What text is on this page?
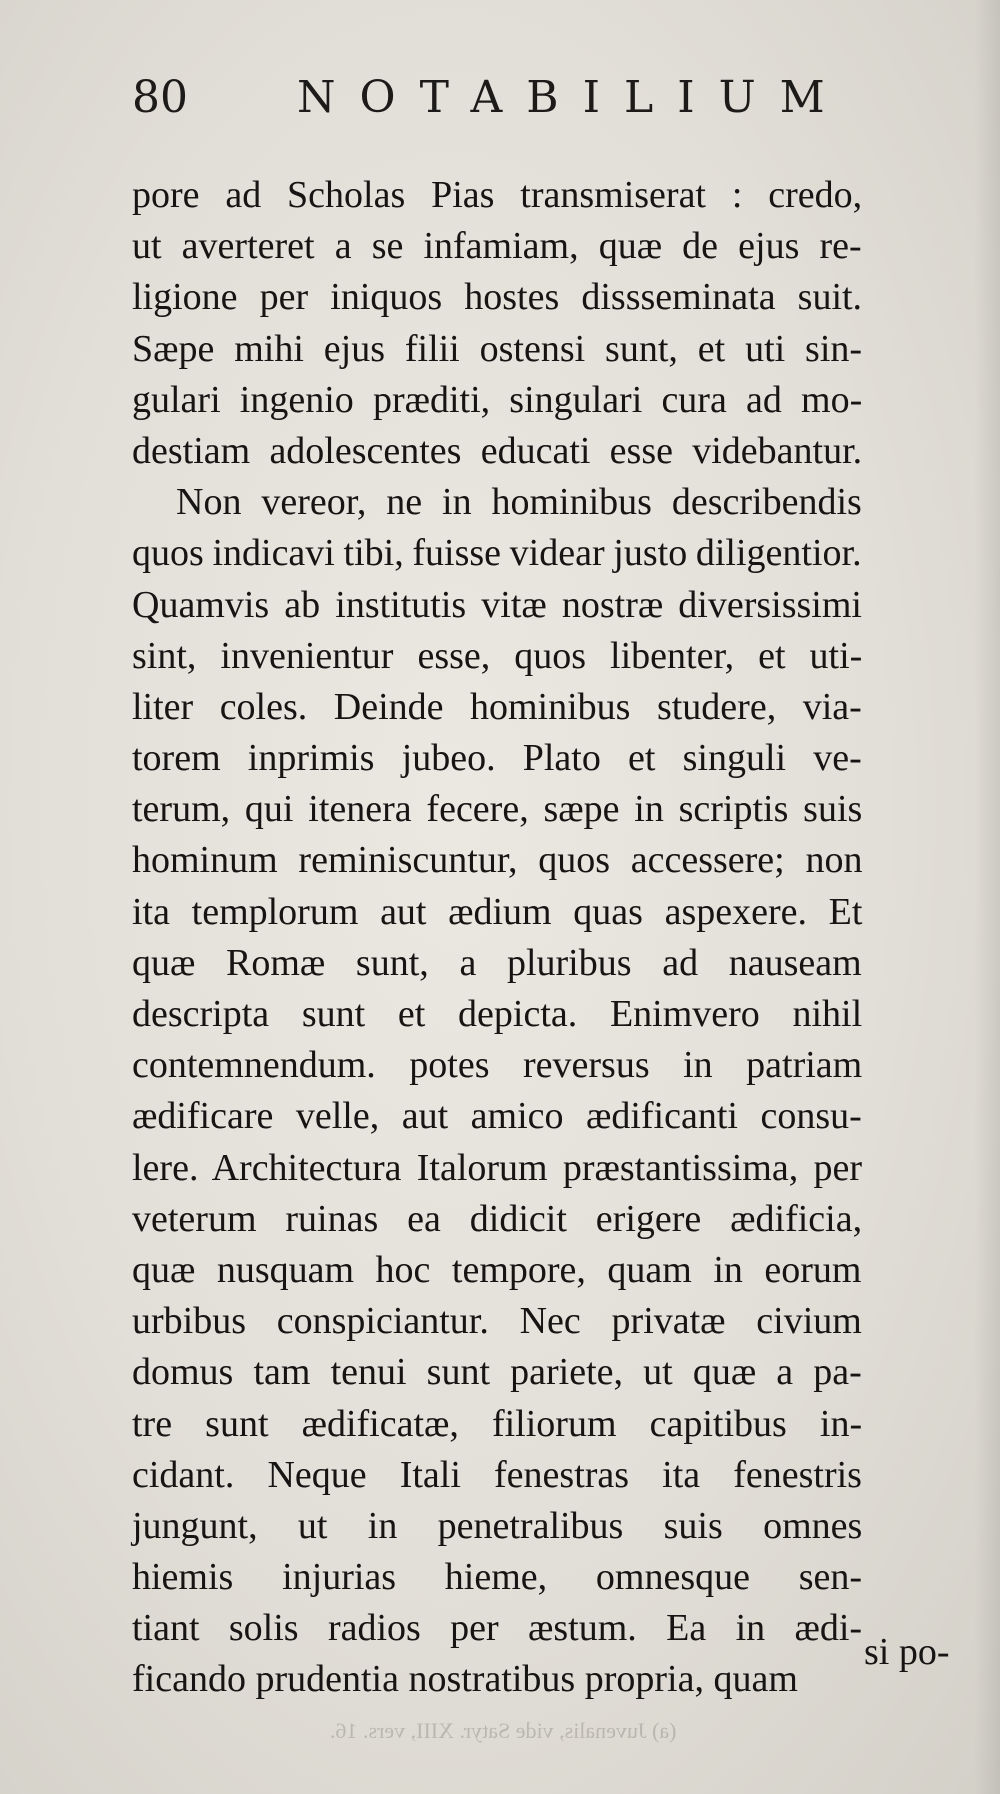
80 NOTABILIUM
pore ad Scholas Pias transmiserat : credo,
ut averteret a se infamiam, quæ de ejus re-
ligione per iniquos hostes dissseminata suit.
Sæpe mihi ejus filii ostensi sunt, et uti sin-
gulari ingenio præditi, singulari cura ad mo-
destiam adolescentes educati esse videbantur.
Non vereor, ne in hominibus describendis
quos indicavi tibi, fuisse videar justo diligentior.
Quamvis ab institutis vitæ nostræ diversissimi
sint, invenientur esse, quos libenter, et uti-
liter coles. Deinde hominibus studere, via-
torem inprimis jubeo. Plato et singuli ve-
terum, qui itenera fecere, sæpe in scriptis suis
hominum reminiscuntur, quos accessere; non
ita templorum aut ædium quas aspexere. Et
quæ Romæ sunt, a pluribus ad nauseam
descripta sunt et depicta. Enimvero nihil
contemnendum. potes reversus in patriam
ædificare velle, aut amico ædificanti consu-
lere. Architectura Italorum præstantissima, per
veterum ruinas ea didicit erigere ædificia,
quæ nusquam hoc tempore, quam in eorum
urbibus conspiciantur. Nec privatæ civium
domus tam tenui sunt pariete, ut quæ a pa-
tre sunt ædificatæ, filiorum capitibus in-
cidant. Neque Itali fenestras ita fenestris
jungunt, ut in penetralibus suis omnes
hiemis injurias hieme, omnesque sen-
tiant solis radios per æstum. Ea in ædi-
ficando prudentia nostratibus propria, quam
si po-
(a) Juvenalis, vide Satyr. XIII, vers. 16.
